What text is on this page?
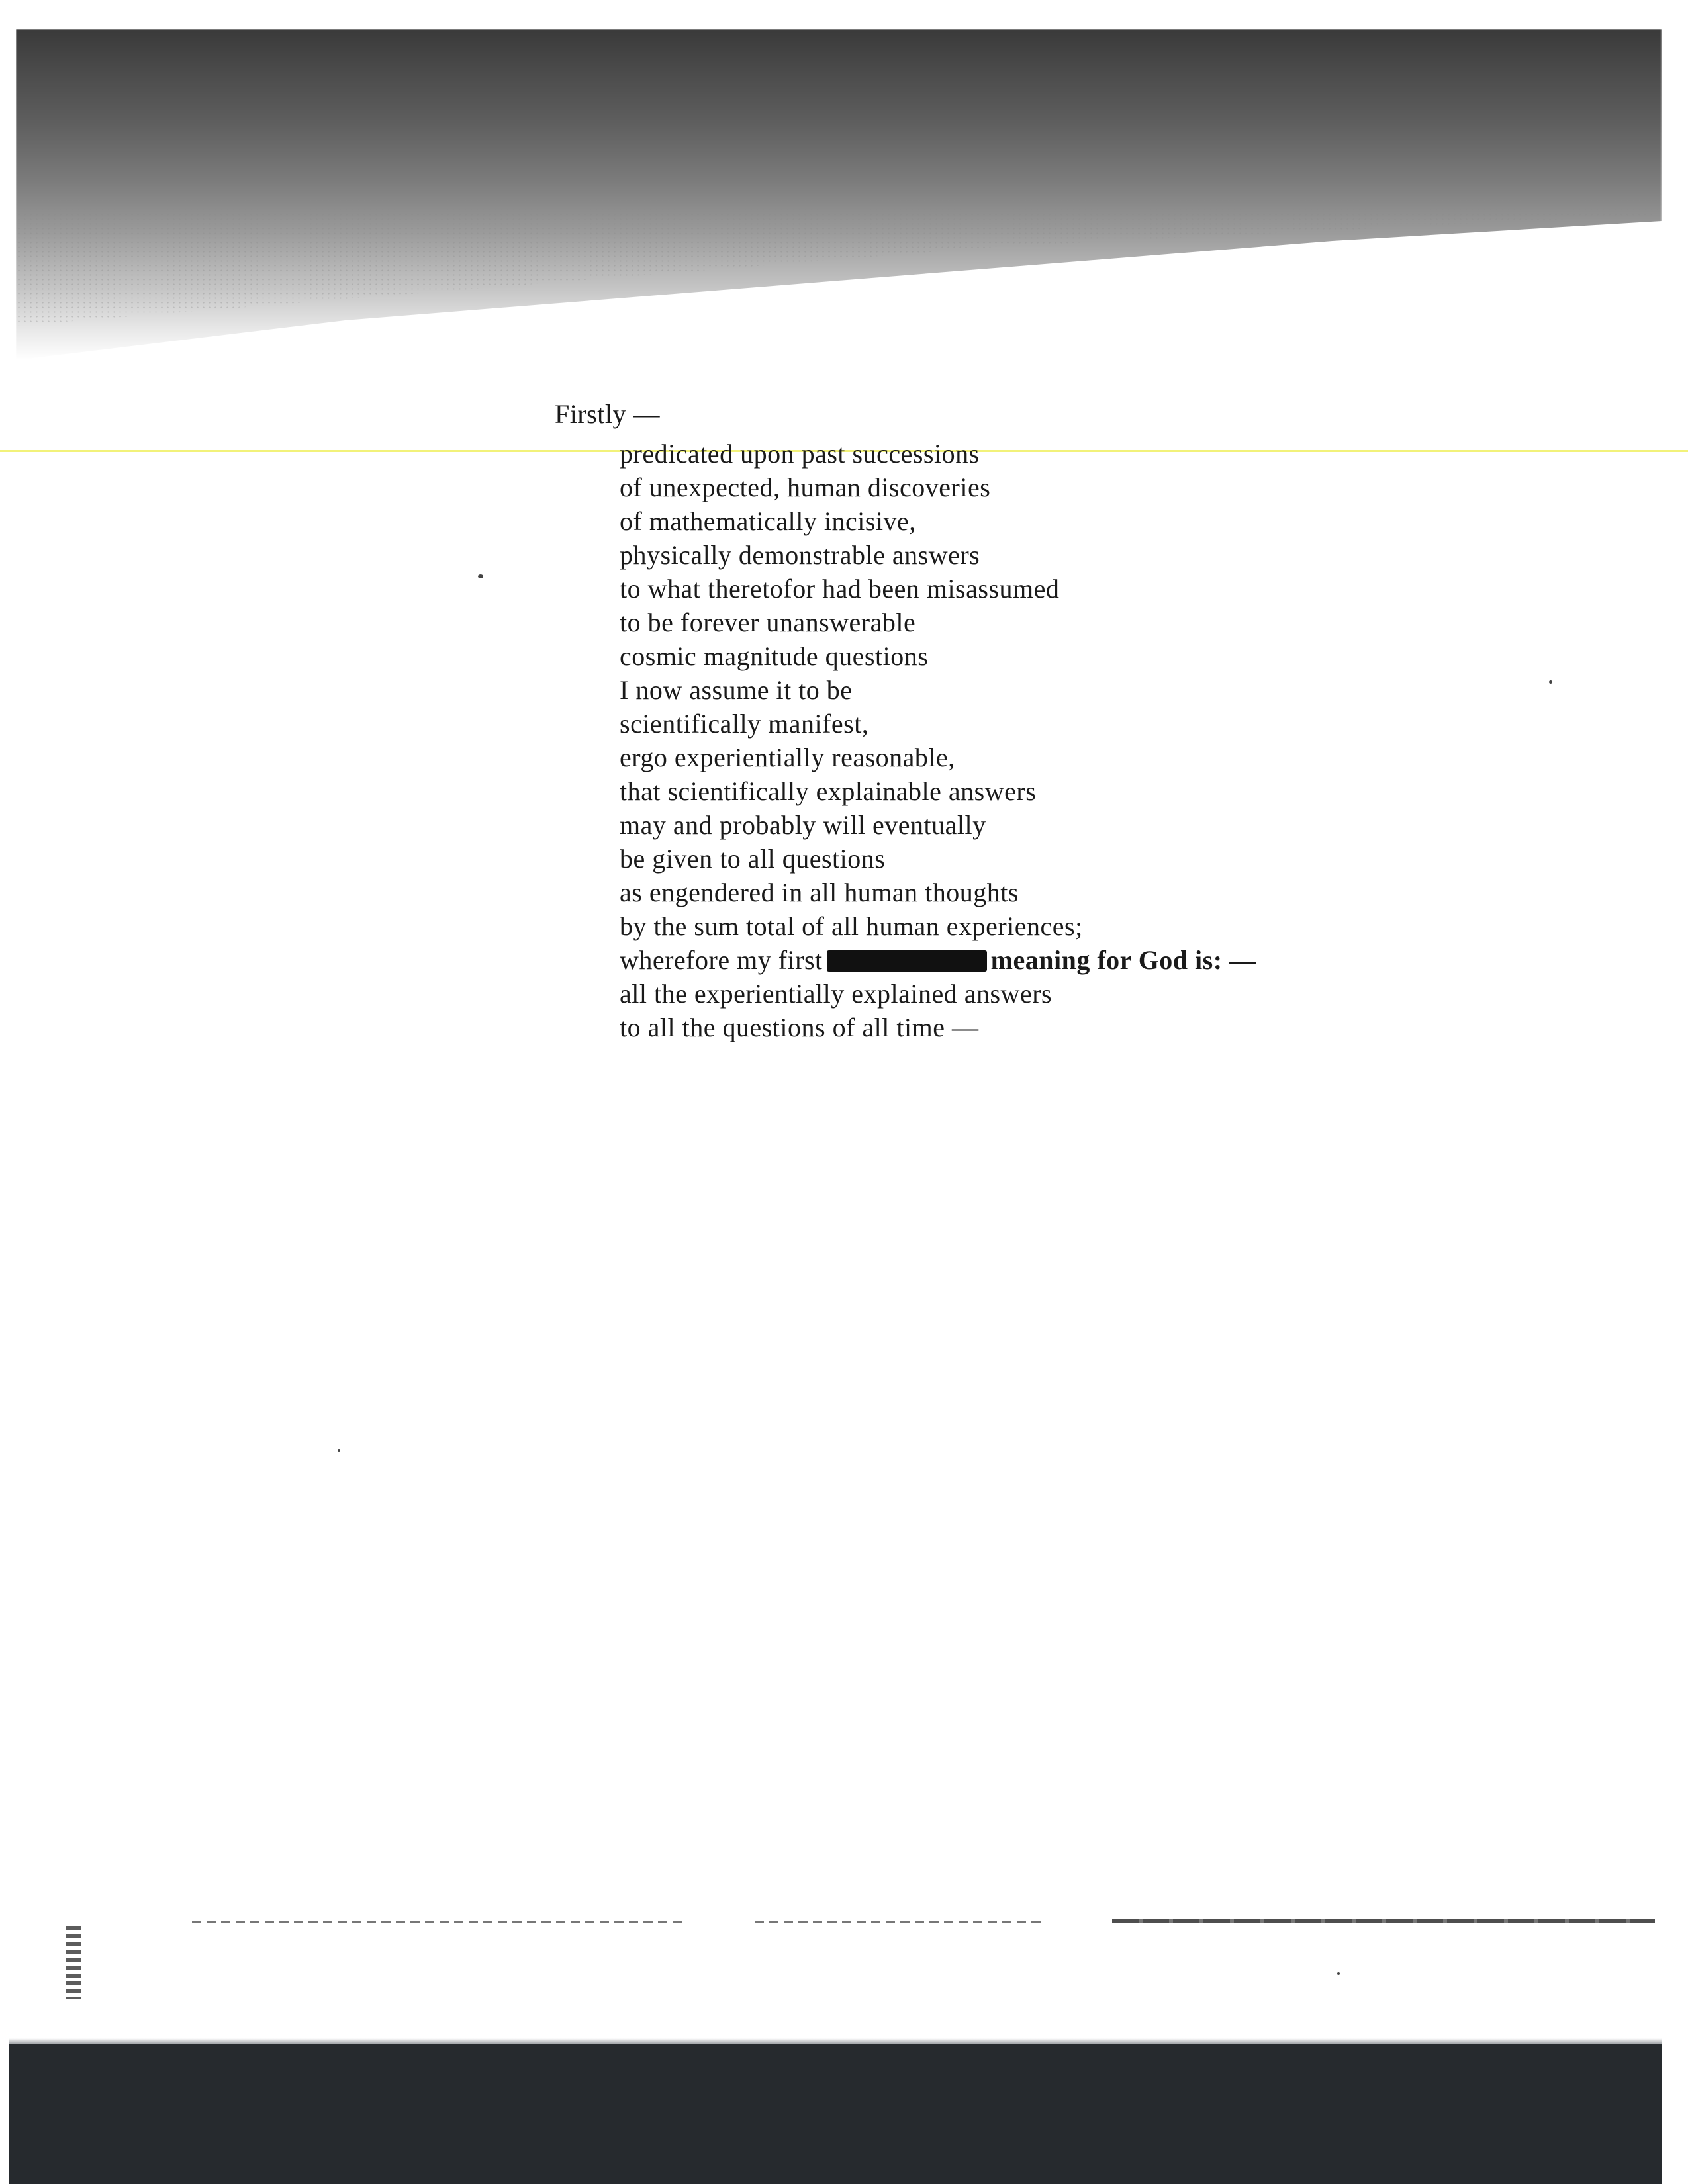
Firstly —

predicated upon past successions
of unexpected, human discoveries
of mathematically incisive,
physically demonstrable answers
to what theretofor had been misassumed
to be forever unanswerable
cosmic magnitude questions
I now assume it to be
scientifically manifest,
ergo experientially reasonable,
that scientifically explainable answers
may and probably will eventually
be given to all questions
as engendered in all human thoughts
by the sum total of all human experiences;
wherefore my first	meaning for God is: —
all the experientially explained answers
to all the questions of all time —
